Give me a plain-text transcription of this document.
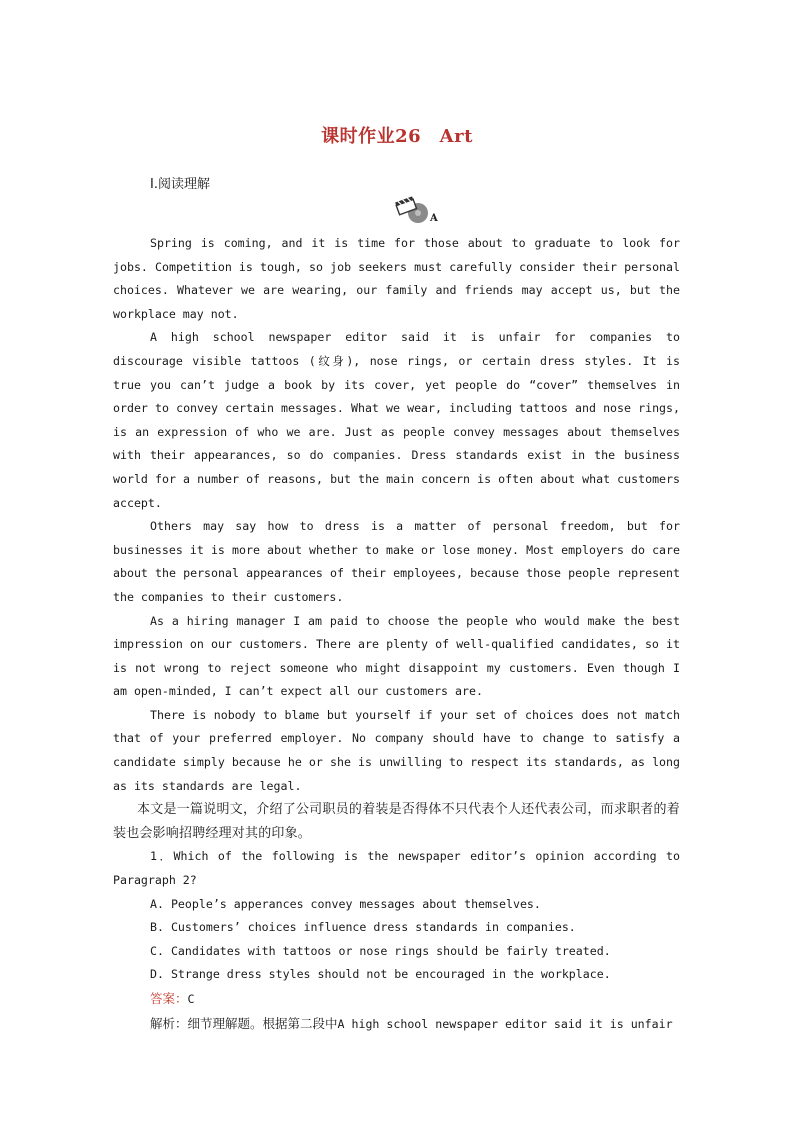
课时作业26　Art
Ⅰ.阅读理解
A

Spring is coming, and it is time for those about to graduate to look for jobs. Competition is tough, so job seekers must carefully consider their personal choices. Whatever we are wearing, our family and friends may accept us, but the workplace may not.

A high school newspaper editor said it is unfair for companies to discourage visible tattoos (纹身), nose rings, or certain dress styles. It is true you can’t judge a book by its cover, yet people do “cover” themselves in order to convey certain messages. What we wear, including tattoos and nose rings, is an expression of who we are. Just as people convey messages about themselves with their appearances, so do companies. Dress standards exist in the business world for a number of reasons, but the main concern is often about what customers accept.

Others may say how to dress is a matter of personal freedom, but for businesses it is more about whether to make or lose money. Most employers do care about the personal appearances of their employees, because those people represent the companies to their customers.

As a hiring manager I am paid to choose the people who would make the best impression on our customers. There are plenty of well-qualified candidates, so it is not wrong to reject someone who might disappoint my customers. Even though I am open-minded, I can’t expect all our customers are.

There is nobody to blame but yourself if your set of choices does not match that of your preferred employer. No company should have to change to satisfy a candidate simply because he or she is unwilling to respect its standards, as long as its standards are legal.

本文是一篇说明文，介绍了公司职员的着装是否得体不只代表个人还代表公司，而求职者的着装也会影响招聘经理对其的印象。

1．Which of the following is the newspaper editor’s opinion according to Paragraph 2?

A. People’s apperances convey messages about themselves.

B. Customers’ choices influence dress standards in companies.

C. Candidates with tattoos or nose rings should be fairly treated.

D. Strange dress styles should not be encouraged in the workplace.

答案：C

解析：细节理解题。根据第二段中A high school newspaper editor said it is unfair
